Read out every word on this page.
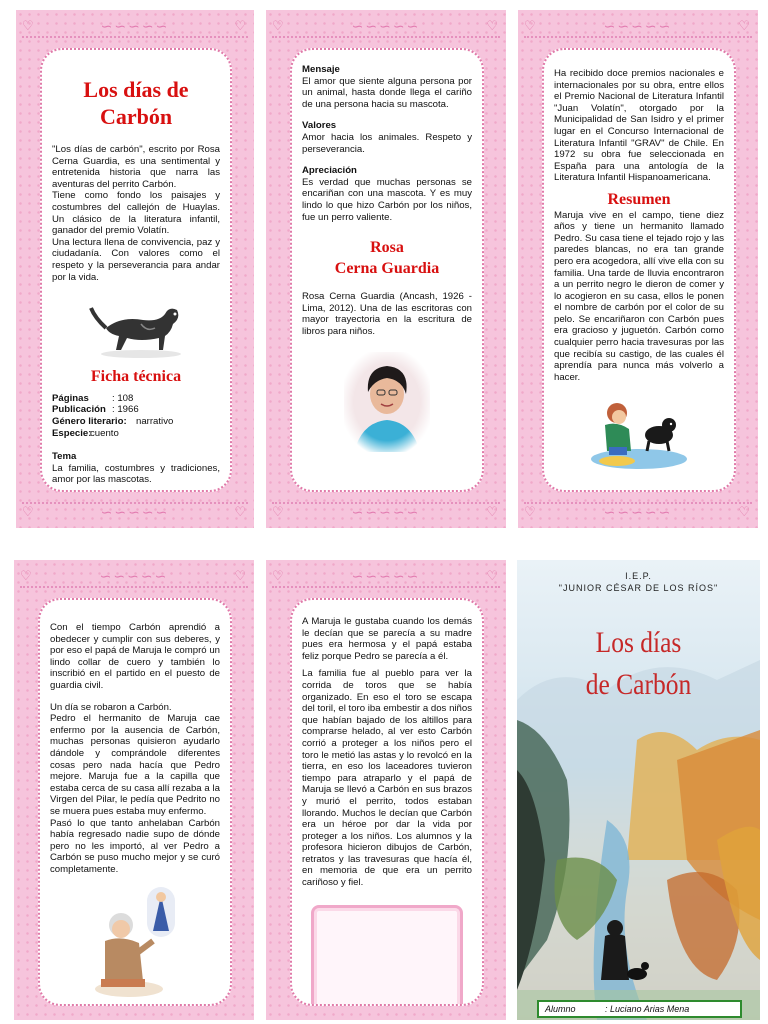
♡	∽∽∽∽∽	♡
Los días de
Carbón

"Los días de carbón", escrito por Rosa Cerna Guardia, es una sentimental y entretenida historia que narra las aventuras del perrito Carbón.

Tiene como fondo los paisajes y costumbres del callejón de Huaylas. Un clásico de la literatura infantil, ganador del premio Volatín.

Una lectura llena de convivencia, paz y ciudadanía. Con valores como el respeto y la perseverancia para andar por la vida.

Ficha técnica
Páginas	: 108
Publicación : 1966
Género literario: narrativo
Especie:
cuento
Tema

La familia, costumbres y tradiciones, amor por las mascotas.

♡	∽∽∽∽∽	♡
♡	∽∽∽∽∽	♡
Mensaje

El amor que siente alguna persona por un animal, hasta donde llega el cariño de una persona hacia su mascota.

Valores

Amor hacia los animales. Respeto y perseverancia.

Apreciación

Es verdad que muchas personas se encariñan con una mascota. Y es muy lindo lo que hizo Carbón por los niños, fue un perro valiente.

Rosa
Cerna Guardia

Rosa Cerna Guardia (Ancash, 1926 - Lima, 2012). Una de las escritoras con mayor trayectoria en la escritura de libros para niños.

♡	∽∽∽∽∽	♡
♡	∽∽∽∽∽	♡

Ha recibido doce premios nacionales e internacionales por su obra, entre ellos el Premio Nacional de Literatura Infantil "Juan Volatín", otorgado por la Municipalidad de San Isidro y el primer lugar en el Concurso Internacional de Literatura Infantil "GRAV" de Chile. En 1972 su obra fue seleccionada en España para una antología de la Literatura Infantil Hispanoamericana.

Resumen

Maruja vive en el campo, tiene diez años y tiene un hermanito llamado Pedro. Su casa tiene el tejado rojo y las paredes blancas, no era tan grande pero era acogedora, allí vive ella con su familia. Una tarde de lluvia encontraron a un perrito negro le dieron de comer y lo acogieron en su casa, ellos le ponen el nombre de carbón por el color de su pelo. Se encariñaron con Carbón pues era gracioso y juguetón. Carbón como cualquier perro hacia travesuras por las que recibía su castigo, de las cuales él aprendía para nunca más volverlo a hacer.

♡	∽∽∽∽∽	♡
♡	∽∽∽∽∽	♡

Con el tiempo Carbón aprendió a obedecer y cumplir con sus deberes, y por eso el papá de Maruja le compró un lindo collar de cuero y también lo inscribió en el partido en el puesto de guardia civil.

Un día se robaron a Carbón.

Pedro el hermanito de Maruja cae enfermo por la ausencia de Carbón, muchas personas quisieron ayudarlo dándole y comprándole diferentes cosas pero nada hacía que Pedro mejore. Maruja fue a la capilla que estaba cerca de su casa allí rezaba a la Virgen del Pilar, le pedía que Pedrito no se muera pues estaba muy enfermo.

Pasó lo que tanto anhelaban Carbón había regresado nadie supo de dónde pero no les importó, al ver Pedro a Carbón se puso mucho mejor y se curó completamente.

♡	∽∽∽∽∽	♡

A Maruja le gustaba cuando los demás le decían que se parecía a su madre pues era hermosa y el papá estaba feliz porque Pedro se parecía a él.

La familia fue al pueblo para ver la corrida de toros que se había organizado. En eso el toro se escapa del toril, el toro iba embestir a dos niños que habían bajado de los altillos para comprarse helado, al ver esto Carbón corrió a proteger a los niños pero el toro le metió las astas y lo revolcó en la tierra, en eso los laceadores tuvieron tiempo para atraparlo y el papá de Maruja se llevó a Carbón en sus brazos y murió el perrito, todos estaban llorando. Muchos le decían que Carbón era un héroe por dar la vida por proteger a los niños. Los alumnos y la profesora hicieron dibujos de Carbón, retratos y las travesuras que hacía él, en memoria de que era un perrito cariñoso y fiel.

I.E.P.
"JUNIOR CÉSAR DE LOS RÍOS"
Los días
de Carbón
Alumno	: Luciano Arias Mena
